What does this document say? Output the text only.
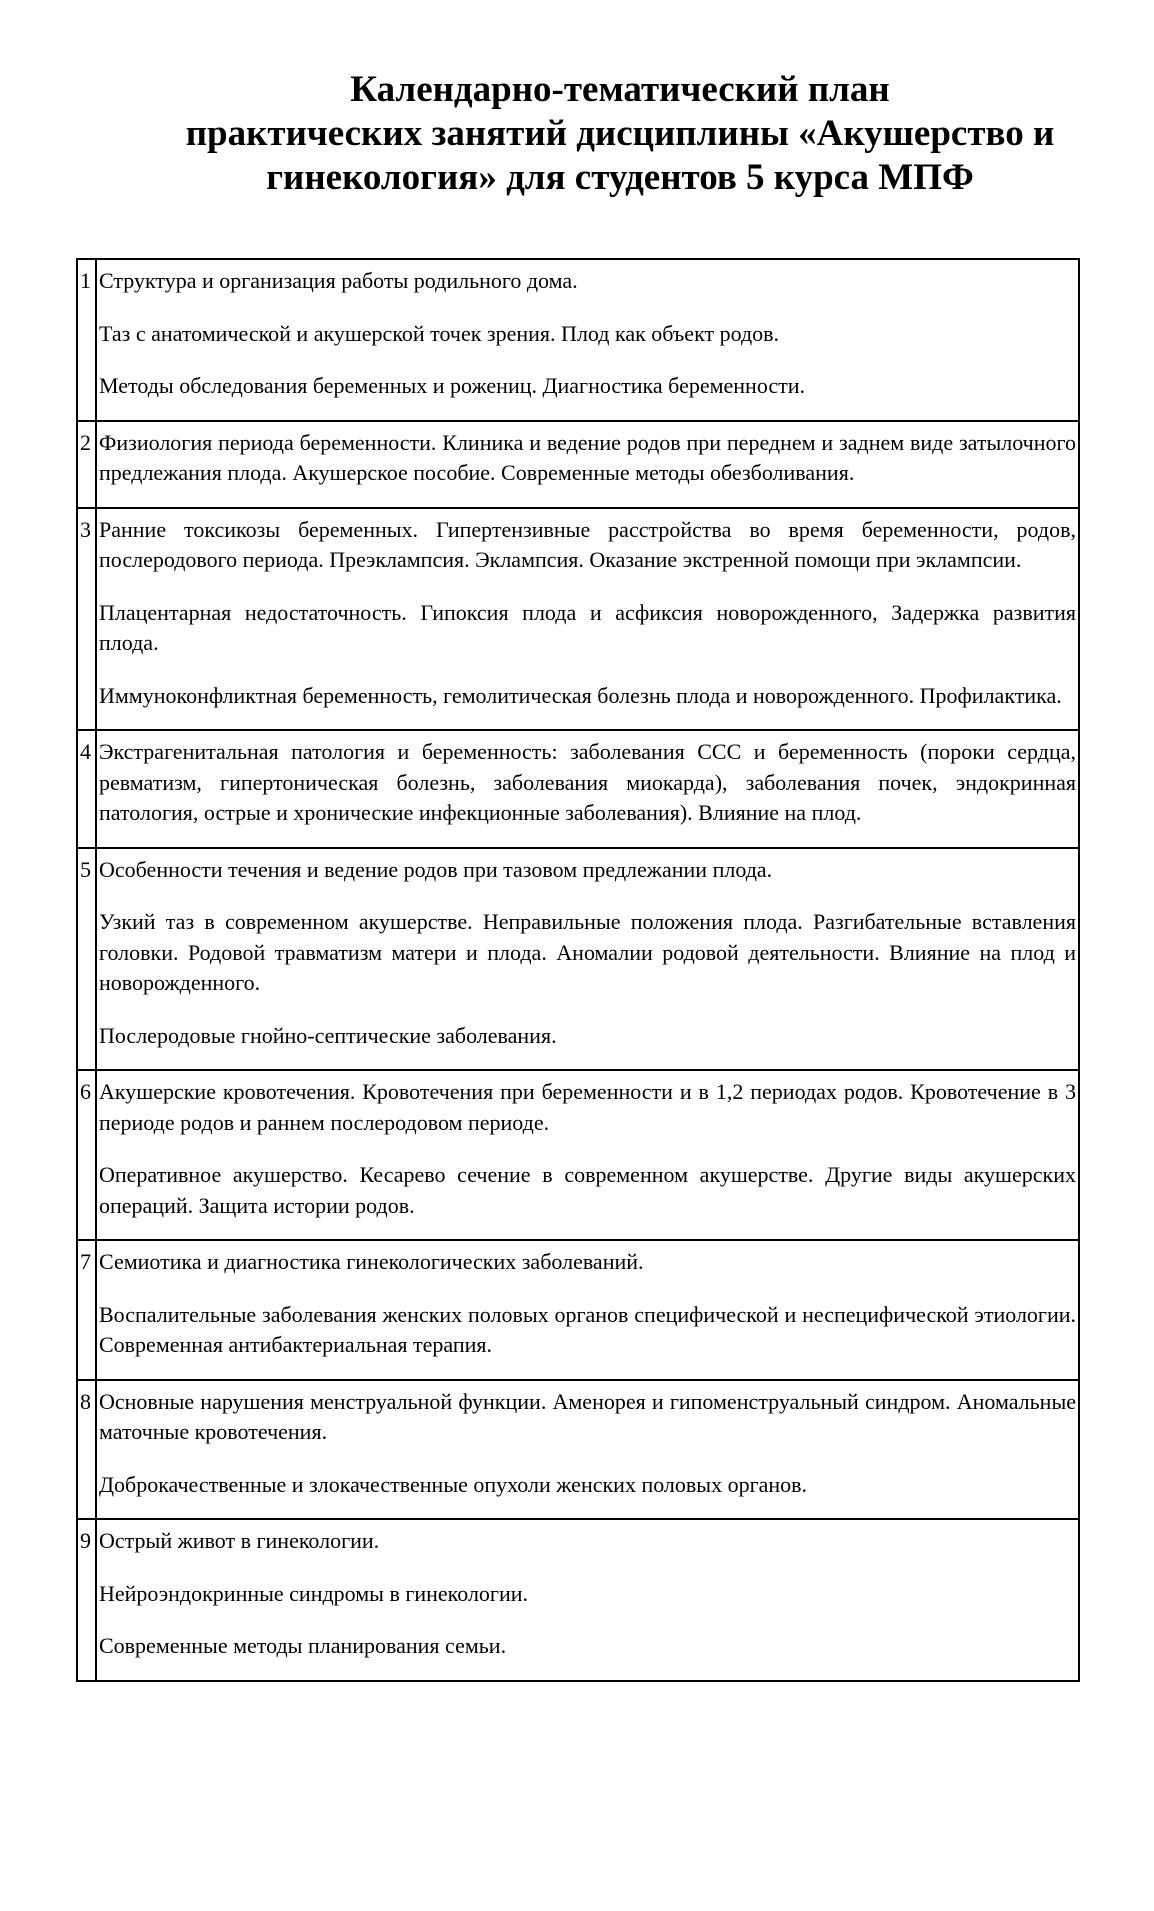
Календарно-тематический план
практических занятий дисциплины «Акушерство и
гинекология» для студентов 5 курса МПФ
1 Структура и организация работы родильного дома.

Таз с анатомической и акушерской точек зрения. Плод как объект родов.

Методы обследования беременных и рожениц. Диагностика беременности.

2 Физиология периода беременности. Клиника и ведение родов при переднем и заднем виде затылочного предлежания плода. Акушерское пособие. Современные методы обезболивания.

3 Ранние токсикозы беременных. Гипертензивные расстройства во время беременности, родов, послеродового периода. Преэклампсия. Эклампсия. Оказание экстренной помощи при эклампсии.

Плацентарная недостаточность. Гипоксия плода и асфиксия новорожденного, Задержка развития плода.

Иммуноконфликтная беременность, гемолитическая болезнь плода и новорожденного. Профилактика.

4 Экстрагенитальная патология и беременность: заболевания ССС и беременность (пороки сердца, ревматизм, гипертоническая болезнь, заболевания миокарда), заболевания почек, эндокринная патология, острые и хронические инфекционные заболевания). Влияние на плод.

5 Особенности течения и ведение родов при тазовом предлежании плода.

Узкий таз в современном акушерстве. Неправильные положения плода. Разгибательные вставления головки. Родовой травматизм матери и плода. Аномалии родовой деятельности. Влияние на плод и новорожденного.

Послеродовые гнойно-септические заболевания.

6 Акушерские кровотечения. Кровотечения при беременности и в 1,2 периодах родов. Кровотечение в 3 периоде родов и раннем послеродовом периоде.

Оперативное акушерство. Кесарево сечение в современном акушерстве. Другие виды акушерских операций. Защита истории родов.

7 Семиотика и диагностика гинекологических заболеваний.

Воспалительные заболевания женских половых органов специфической и неспецифической этиологии. Современная антибактериальная терапия.

8 Основные нарушения менструальной функции. Аменорея и гипоменструальный синдром. Аномальные маточные кровотечения.

Доброкачественные и злокачественные опухоли женских половых органов.

9 Острый живот в гинекологии.

Нейроэндокринные синдромы в гинекологии.

Современные методы планирования семьи.
